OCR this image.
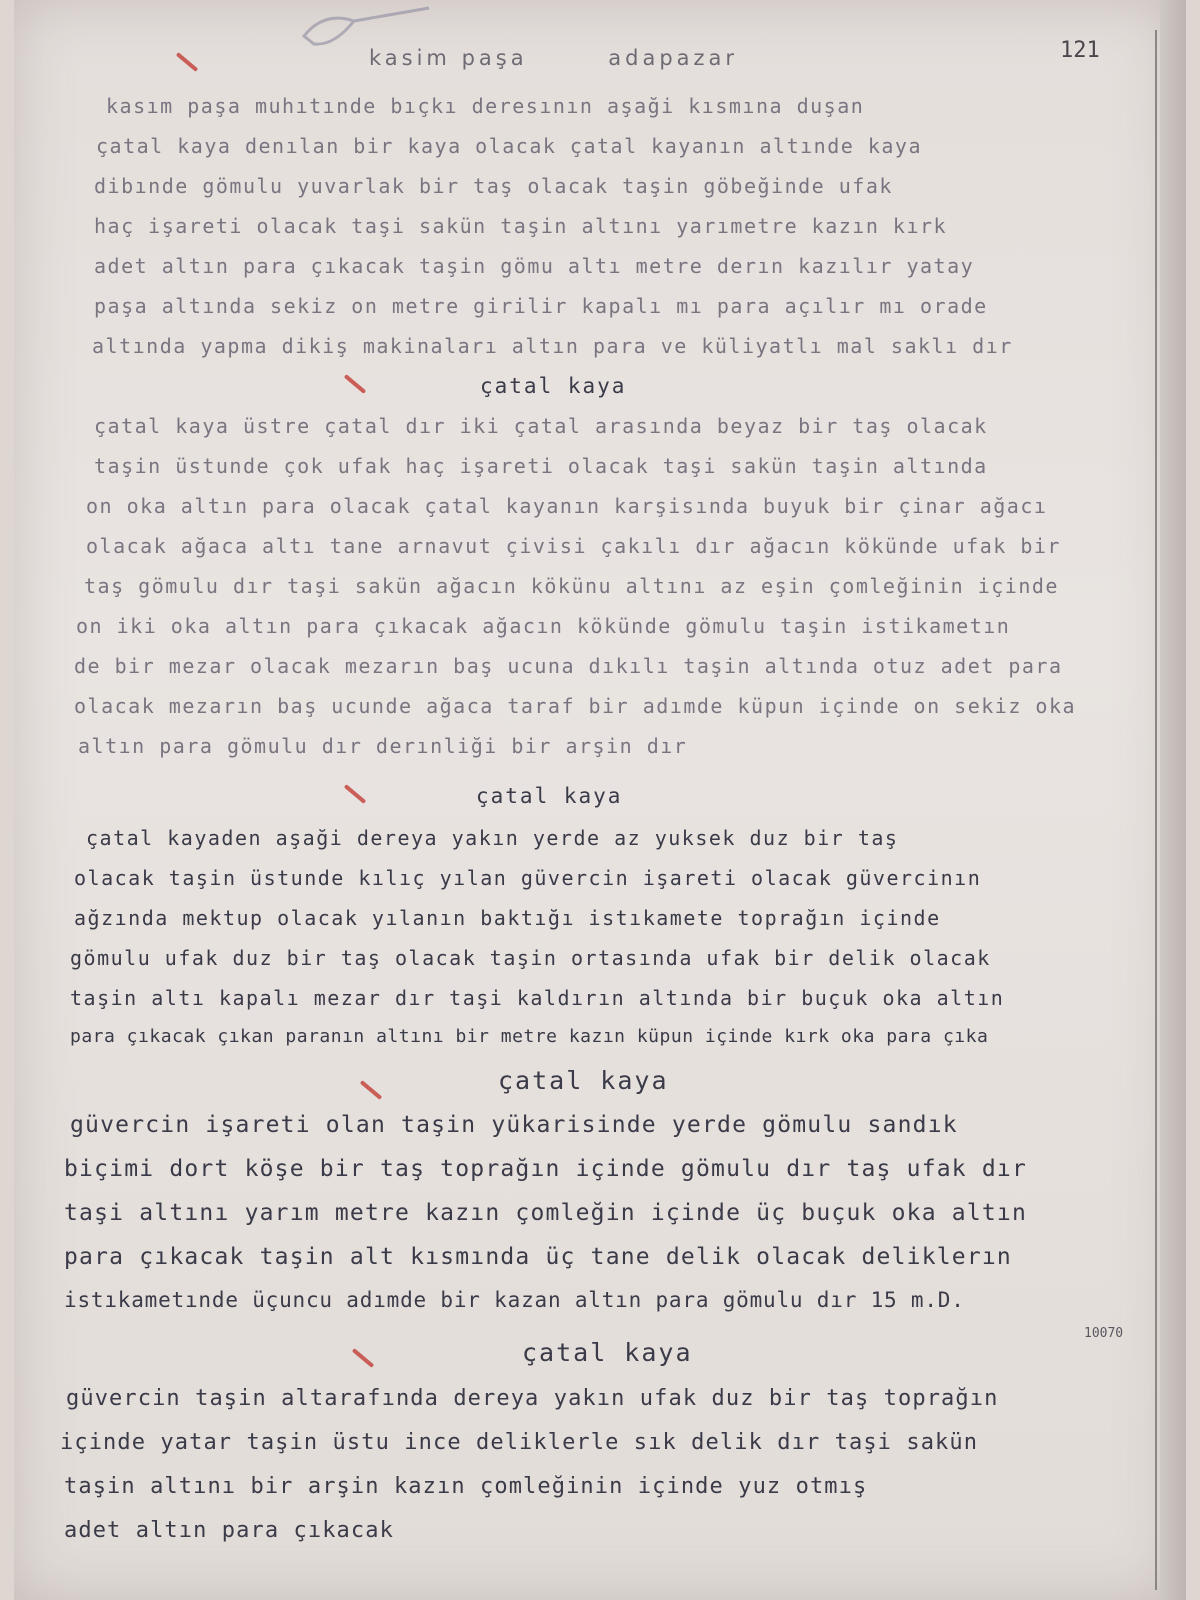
kasim paşa	adapazar	121
kasım paşa muhıtınde bıçkı deresının aşaği kısmına duşan
çatal kaya denılan bir kaya olacak çatal kayanın altınde kaya
dibınde gömulu yuvarlak bir taş olacak taşin göbeğinde ufak
haç işareti olacak taşi sakün taşin altını yarımetre kazın kırk
adet altın para çıkacak taşin gömu altı metre derın kazılır yatay
paşa altında sekiz on metre girilir kapalı mı para açılır mı orade
altında yapma dikiş makinaları altın para ve küliyatlı mal saklı dır
çatal kaya
çatal kaya üstre çatal dır iki çatal arasında beyaz bir taş olacak
taşin üstunde çok ufak haç işareti olacak taşi sakün taşin altında
on oka altın para olacak çatal kayanın karşisında buyuk bir çinar ağacı
olacak ağaca altı tane arnavut çivisi çakılı dır ağacın kökünde ufak bir
taş gömulu dır taşi sakün ağacın kökünu altını az eşin çomleğinin içinde
on iki oka altın para çıkacak ağacın kökünde gömulu taşin istikametın
de bir mezar olacak mezarın baş ucuna dıkılı taşin altında otuz adet para
olacak mezarın baş ucunde ağaca taraf bir adımde küpun içinde on sekiz oka
altın para gömulu dır derınliği bir arşin dır
çatal kaya
çatal kayaden aşaği dereya yakın yerde az yuksek duz bir taş
olacak taşin üstunde kılıç yılan güvercin işareti olacak güvercinın
ağzında mektup olacak yılanın baktığı istıkamete toprağın içinde
gömulu ufak duz bir taş olacak taşin ortasında ufak bir delik olacak
taşin altı kapalı mezar dır taşi kaldırın altında bir buçuk oka altın
para çıkacak çıkan paranın altını bir metre kazın küpun içinde kırk oka para çıka
çatal kaya
güvercin işareti olan taşin yükarisinde yerde gömulu sandık
biçimi dort köşe bir taş toprağın içinde gömulu dır taş ufak dır
taşi altını yarım metre kazın çomleğin içinde üç buçuk oka altın
para çıkacak taşin alt kısmında üç tane delik olacak deliklerın
istıkametınde üçuncu adımde bir kazan altın para gömulu dır 15 m.D.
çatal kaya
10070
güvercin taşin altarafında dereya yakın ufak duz bir taş toprağın
içinde yatar taşin üstu ince deliklerle sık delik dır taşi sakün
taşin altını bir arşin kazın çomleğinin içinde yuz otmış
adet altın para çıkacak
